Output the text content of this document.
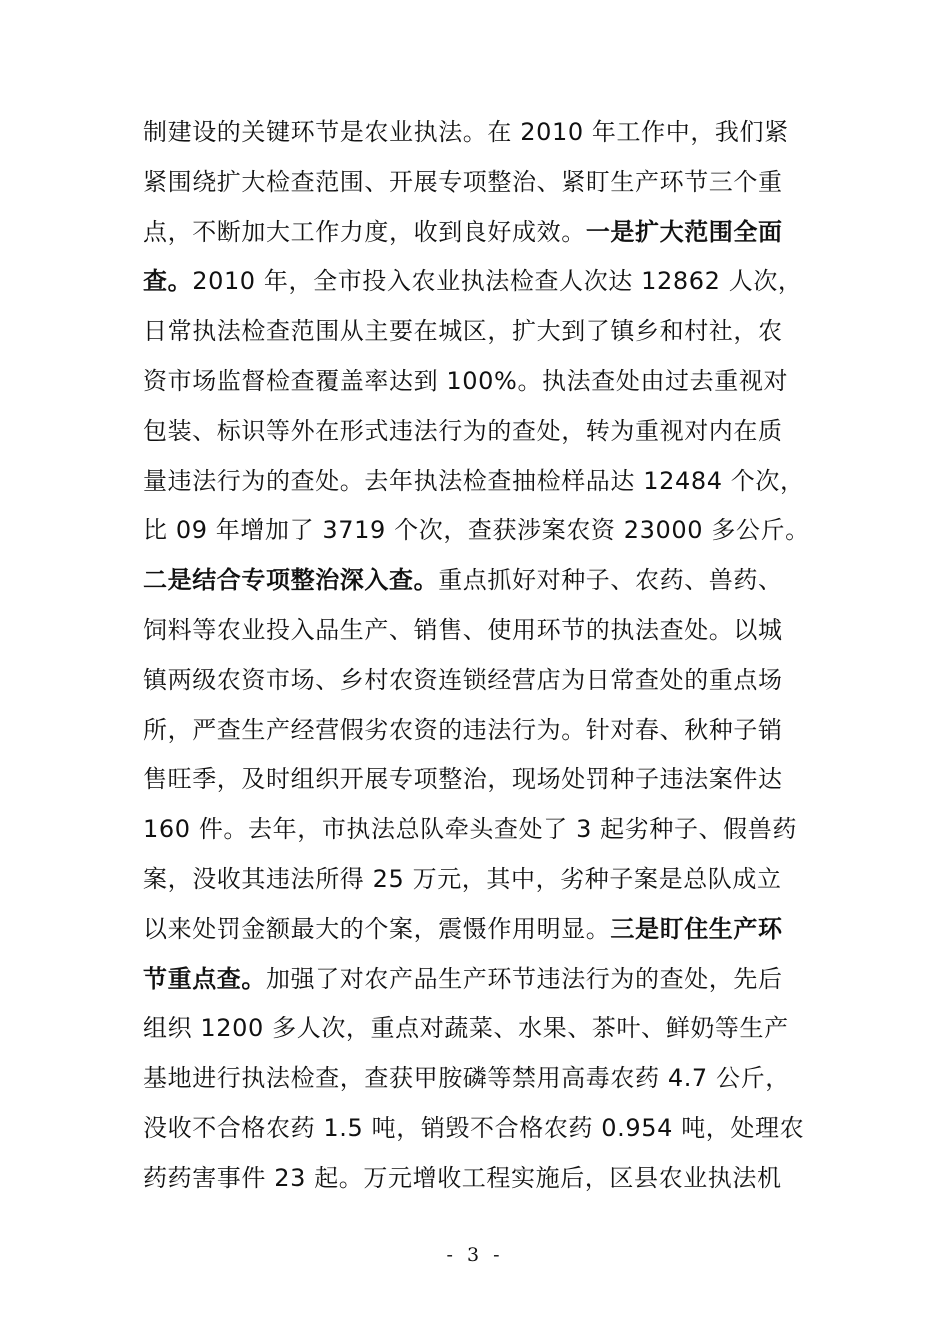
制建设的关键环节是农业执法。在 2010 年工作中，我们紧
紧围绕扩大检查范围、开展专项整治、紧盯生产环节三个重
点，不断加大工作力度，收到良好成效。一是扩大范围全面
查。2010 年，全市投入农业执法检查人次达 12862 人次，
日常执法检查范围从主要在城区，扩大到了镇乡和村社，农
资市场监督检查覆盖率达到 100%。执法查处由过去重视对
包装、标识等外在形式违法行为的查处，转为重视对内在质
量违法行为的查处。去年执法检查抽检样品达 12484 个次，
比 09 年增加了 3719 个次，查获涉案农资 23000 多公斤。
二是结合专项整治深入查。重点抓好对种子、农药、兽药、
饲料等农业投入品生产、销售、使用环节的执法查处。以城
镇两级农资市场、乡村农资连锁经营店为日常查处的重点场
所，严查生产经营假劣农资的违法行为。针对春、秋种子销
售旺季，及时组织开展专项整治，现场处罚种子违法案件达
160 件。去年，市执法总队牵头查处了 3 起劣种子、假兽药
案，没收其违法所得 25 万元，其中，劣种子案是总队成立
以来处罚金额最大的个案，震慑作用明显。三是盯住生产环
节重点查。加强了对农产品生产环节违法行为的查处，先后
组织 1200 多人次，重点对蔬菜、水果、茶叶、鲜奶等生产
基地进行执法检查，查获甲胺磷等禁用高毒农药 4.7 公斤，
没收不合格农药 1.5 吨，销毁不合格农药 0.954 吨，处理农
药药害事件 23 起。万元增收工程实施后，区县农业执法机
- 3 -
